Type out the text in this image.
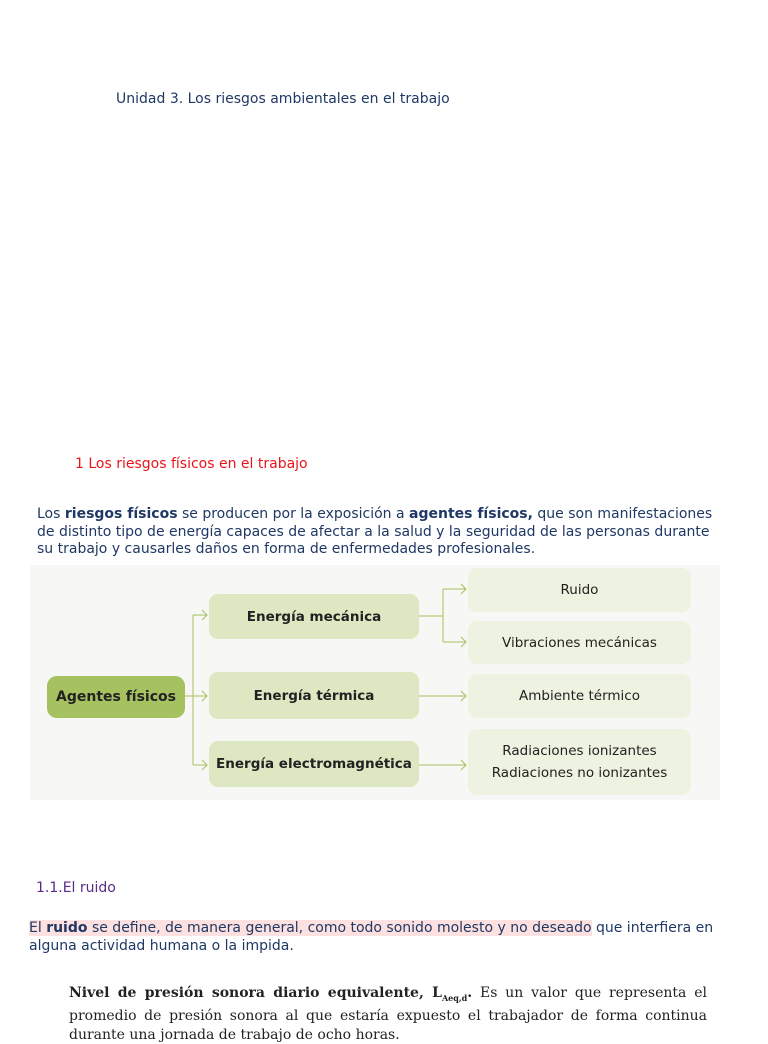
Unidad 3. Los riesgos ambientales en el trabajo
1 Los riesgos físicos en el trabajo
Los riesgos físicos se producen por la exposición a agentes físicos, que son manifestaciones de distinto tipo de energía capaces de afectar a la salud y la seguridad de las personas durante su trabajo y causarles daños en forma de enfermedades profesionales.
Agentes físicos
Energía mecánica
Energía térmica
Energía electromagnética
Ruido
Vibraciones mecánicas
Ambiente térmico
Radiaciones ionizantes
Radiaciones no ionizantes
1.1.El ruido
El ruido se define, de manera general, como todo sonido molesto y no deseado que interfiera en alguna actividad humana o la impida.
Nivel de presión sonora diario equivalente, $L_{Aeq,d}$. Es un valor que representa el promedio de presión sonora al que estaría expuesto el trabajador de forma continua durante una jornada de trabajo de ocho horas.
